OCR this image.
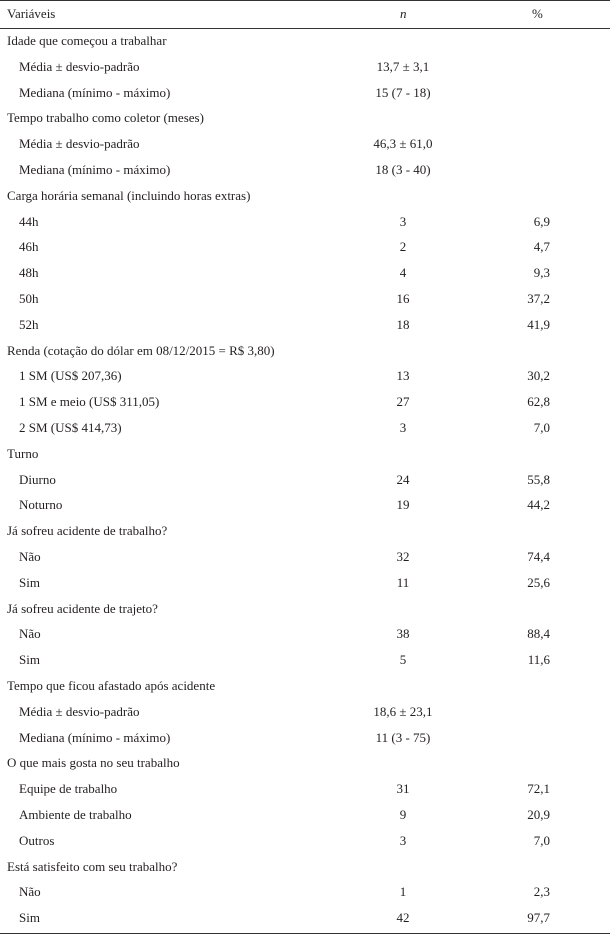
Variáveis	n	%
Idade que começou a trabalhar
Média ± desvio-padrão	13,7 ± 3,1
Mediana (mínimo - máximo)	15 (7 - 18)
Tempo trabalho como coletor (meses)
Média ± desvio-padrão	46,3 ± 61,0
Mediana (mínimo - máximo)	18 (3 - 40)
Carga horária semanal (incluindo horas extras)
44h	3	6,9
46h	2	4,7
48h	4	9,3
50h	16	37,2
52h	18	41,9
Renda (cotação do dólar em 08/12/2015 = R$ 3,80)
1 SM (US$ 207,36)	13	30,2
1 SM e meio (US$ 311,05)	27	62,8
2 SM (US$ 414,73)	3	7,0
Turno
Diurno	24	55,8
Noturno	19	44,2
Já sofreu acidente de trabalho?
Não	32	74,4
Sim	11	25,6
Já sofreu acidente de trajeto?
Não	38	88,4
Sim	5	11,6
Tempo que ficou afastado após acidente
Média ± desvio-padrão	18,6 ± 23,1
Mediana (mínimo - máximo)	11 (3 - 75)
O que mais gosta no seu trabalho
Equipe de trabalho	31	72,1
Ambiente de trabalho	9	20,9
Outros	3	7,0
Está satisfeito com seu trabalho?
Não	1	2,3
Sim	42	97,7
